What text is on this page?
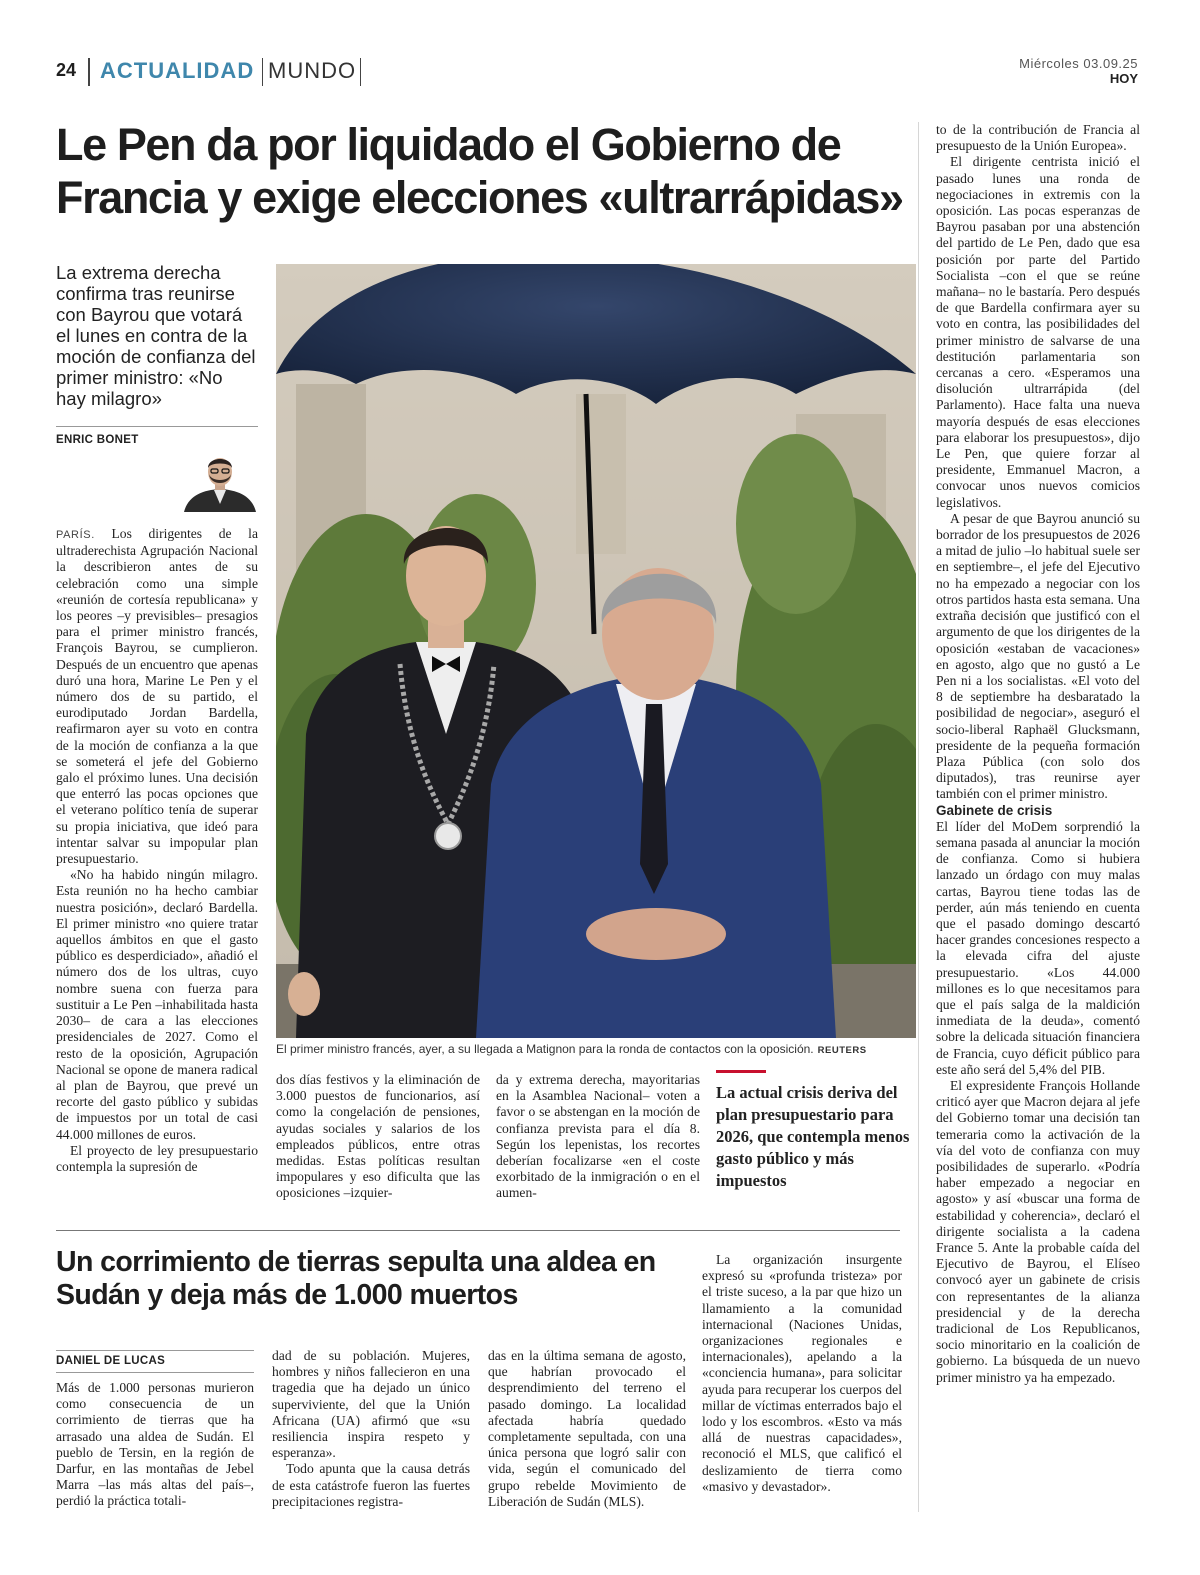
24 ACTUALIDAD MUNDO	Miércoles 03.09.25
HOY
Le Pen da por liquidado el Gobierno de Francia y exige elecciones «ultrarrápidas»
La extrema derecha confirma tras reunirse con Bayrou que votará el lunes en contra de la moción de confianza del primer ministro: «No hay milagro»
ENRIC BONET

PARÍS. Los dirigentes de la ultraderechista Agrupación Nacional la describieron antes de su celebración como una simple «reunión de cortesía republicana» y los peores –y previsibles– presagios para el primer ministro francés, François Bayrou, se cumplieron. Después de un encuentro que apenas duró una hora, Marine Le Pen y el número dos de su partido, el eurodiputado Jordan Bardella, reafirmaron ayer su voto en contra de la moción de confianza a la que se someterá el jefe del Gobierno galo el próximo lunes. Una decisión que enterró las pocas opciones que el veterano político tenía de superar su propia iniciativa, que ideó para intentar salvar su impopular plan presupuestario.

«No ha habido ningún milagro. Esta reunión no ha hecho cambiar nuestra posición», declaró Bardella. El primer ministro «no quiere tratar aquellos ámbitos en que el gasto público es desperdiciado», añadió el número dos de los ultras, cuyo nombre suena con fuerza para sustituir a Le Pen –inhabilitada hasta 2030– de cara a las elecciones presidenciales de 2027. Como el resto de la oposición, Agrupación Nacional se opone de manera radical al plan de Bayrou, que prevé un recorte del gasto público y subidas de impuestos por un total de casi 44.000 millones de euros.

El proyecto de ley presupuestario contempla la supresión de

El primer ministro francés, ayer, a su llegada a Matignon para la ronda de contactos con la oposición. REUTERS

dos días festivos y la eliminación de 3.000 puestos de funcionarios, así como la congelación de pensiones, ayudas sociales y salarios de los empleados públicos, entre otras medidas. Estas políticas resultan impopulares y eso dificulta que las oposiciones –izquier-

da y extrema derecha, mayoritarias en la Asamblea Nacional– voten a favor o se abstengan en la moción de confianza prevista para el día 8. Según los lepenistas, los recortes deberían focalizarse «en el coste exorbitado de la inmigración o en el aumen-

La actual crisis deriva del plan presupuestario para 2026, que contempla menos gasto público y más impuestos

to de la contribución de Francia al presupuesto de la Unión Europea».

El dirigente centrista inició el pasado lunes una ronda de negociaciones in extremis con la oposición. Las pocas esperanzas de Bayrou pasaban por una abstención del partido de Le Pen, dado que esa posición por parte del Partido Socialista –con el que se reúne mañana– no le bastaría. Pero después de que Bardella confirmara ayer su voto en contra, las posibilidades del primer ministro de salvarse de una destitución parlamentaria son cercanas a cero. «Esperamos una disolución ultrarrápida (del Parlamento). Hace falta una nueva mayoría después de esas elecciones para elaborar los presupuestos», dijo Le Pen, que quiere forzar al presidente, Emmanuel Macron, a convocar unos nuevos comicios legislativos.

A pesar de que Bayrou anunció su borrador de los presupuestos de 2026 a mitad de julio –lo habitual suele ser en septiembre–, el jefe del Ejecutivo no ha empezado a negociar con los otros partidos hasta esta semana. Una extraña decisión que justificó con el argumento de que los dirigentes de la oposición «estaban de vacaciones» en agosto, algo que no gustó a Le Pen ni a los socialistas. «El voto del 8 de septiembre ha desbaratado la posibilidad de negociar», aseguró el socio-liberal Raphaël Glucksmann, presidente de la pequeña formación Plaza Pública (con solo dos diputados), tras reunirse ayer también con el primer ministro.

Gabinete de crisis

El líder del MoDem sorprendió la semana pasada al anunciar la moción de confianza. Como si hubiera lanzado un órdago con muy malas cartas, Bayrou tiene todas las de perder, aún más teniendo en cuenta que el pasado domingo descartó hacer grandes concesiones respecto a la elevada cifra del ajuste presupuestario. «Los 44.000 millones es lo que necesitamos para que el país salga de la maldición inmediata de la deuda», comentó sobre la delicada situación financiera de Francia, cuyo déficit público para este año será del 5,4% del PIB.

El expresidente François Hollande criticó ayer que Macron dejara al jefe del Gobierno tomar una decisión tan temeraria como la activación de la vía del voto de confianza con muy posibilidades de superarlo. «Podría haber empezado a negociar en agosto» y así «buscar una forma de estabilidad y coherencia», declaró el dirigente socialista a la cadena France 5. Ante la probable caída del Ejecutivo de Bayrou, el Elíseo convocó ayer un gabinete de crisis con representantes de la alianza presidencial y de la derecha tradicional de Los Republicanos, socio minoritario en la coalición de gobierno. La búsqueda de un nuevo primer ministro ya ha empezado.

Un corrimiento de tierras sepulta una aldea en Sudán y deja más de 1.000 muertos
DANIEL DE LUCAS

Más de 1.000 personas murieron como consecuencia de un corrimiento de tierras que ha arrasado una aldea de Sudán. El pueblo de Tersin, en la región de Darfur, en las montañas de Jebel Marra –las más altas del país–, perdió la práctica totali-

dad de su población. Mujeres, hombres y niños fallecieron en una tragedia que ha dejado un único superviviente, del que la Unión Africana (UA) afirmó que «su resiliencia inspira respeto y esperanza».

Todo apunta que la causa detrás de esta catástrofe fueron las fuertes precipitaciones registra-

das en la última semana de agosto, que habrían provocado el desprendimiento del terreno el pasado domingo. La localidad afectada habría quedado completamente sepultada, con una única persona que logró salir con vida, según el comunicado del grupo rebelde Movimiento de Liberación de Sudán (MLS).

La organización insurgente expresó su «profunda tristeza» por el triste suceso, a la par que hizo un llamamiento a la comunidad internacional (Naciones Unidas, organizaciones regionales e internacionales), apelando a la «conciencia humana», para solicitar ayuda para recuperar los cuerpos del millar de víctimas enterrados bajo el lodo y los escombros. «Esto va más allá de nuestras capacidades», reconoció el MLS, que calificó el deslizamiento de tierra como «masivo y devastador».
